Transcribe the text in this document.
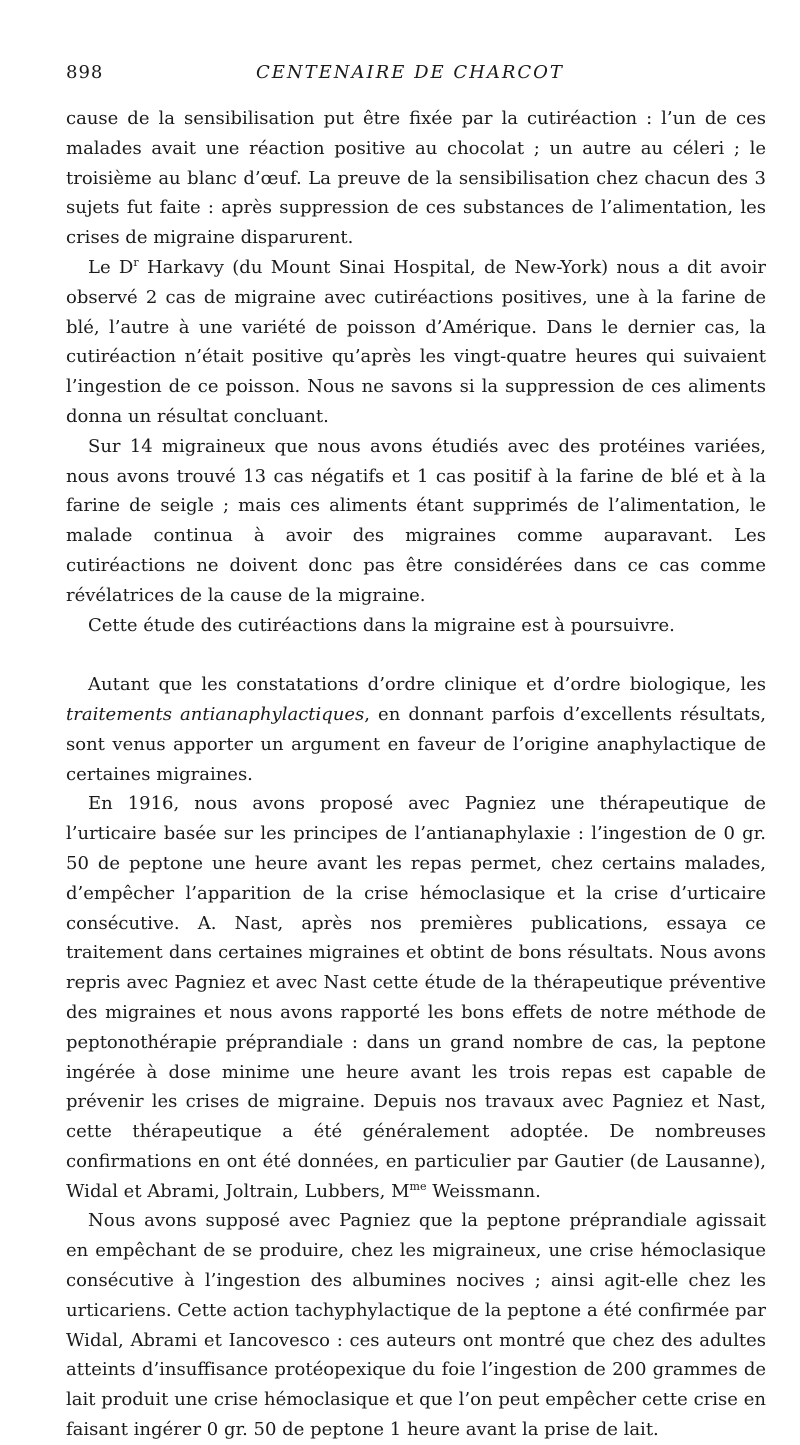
898	CENTENAIRE DE CHARCOT

cause de la sensibilisation put être fixée par la cutiréaction : l’un de ces malades avait une réaction positive au chocolat ; un autre au céleri ; le troisième au blanc d’œuf. La preuve de la sensibilisation chez chacun des 3 sujets fut faite : après suppression de ces substances de l’alimentation, les crises de migraine disparurent.

Le $D^r$ Harkavy (du Mount Sinai Hospital, de New-York) nous a dit avoir observé 2 cas de migraine avec cutiréactions positives, une à la farine de blé, l’autre à une variété de poisson d’Amérique. Dans le dernier cas, la cutiréaction n’était positive qu’après les vingt-quatre heures qui suivaient l’ingestion de ce poisson. Nous ne savons si la suppression de ces aliments donna un résultat concluant.

Sur 14 migraineux que nous avons étudiés avec des protéines variées, nous avons trouvé 13 cas négatifs et 1 cas positif à la farine de blé et à la farine de seigle ; mais ces aliments étant supprimés de l’alimentation, le malade continua à avoir des migraines comme auparavant. Les cutiréactions ne doivent donc pas être considérées dans ce cas comme révélatrices de la cause de la migraine.

Cette étude des cutiréactions dans la migraine est à poursuivre.

Autant que les constatations d’ordre clinique et d’ordre biologique, les traitements antianaphylactiques, en donnant parfois d’excellents résultats, sont venus apporter un argument en faveur de l’origine anaphylactique de certaines migraines.

En 1916, nous avons proposé avec Pagniez une thérapeutique de l’urticaire basée sur les principes de l’antianaphylaxie : l’ingestion de 0 gr. 50 de peptone une heure avant les repas permet, chez certains malades, d’empêcher l’apparition de la crise hémoclasique et la crise d’urticaire consécutive. A. Nast, après nos premières publications, essaya ce traitement dans certaines migraines et obtint de bons résultats. Nous avons repris avec Pagniez et avec Nast cette étude de la thérapeutique préventive des migraines et nous avons rapporté les bons effets de notre méthode de peptonothérapie préprandiale : dans un grand nombre de cas, la peptone ingérée à dose minime une heure avant les trois repas est capable de prévenir les crises de migraine. Depuis nos travaux avec Pagniez et Nast, cette thérapeutique a été généralement adoptée. De nombreuses confirmations en ont été données, en particulier par Gautier (de Lausanne), Widal et Abrami, Joltrain, Lubbers, $M^{me}$ Weissmann.

Nous avons supposé avec Pagniez que la peptone préprandiale agissait en empêchant de se produire, chez les migraineux, une crise hémoclasique consécutive à l’ingestion des albumines nocives ; ainsi agit-elle chez les urticariens. Cette action tachyphylactique de la peptone a été confirmée par Widal, Abrami et Iancovesco : ces auteurs ont montré que chez des adultes atteints d’insuffisance protéopexique du foie l’ingestion de 200 grammes de lait produit une crise hémoclasique et que l’on peut empêcher cette crise en faisant ingérer 0 gr. 50 de peptone 1 heure avant la prise de lait.
